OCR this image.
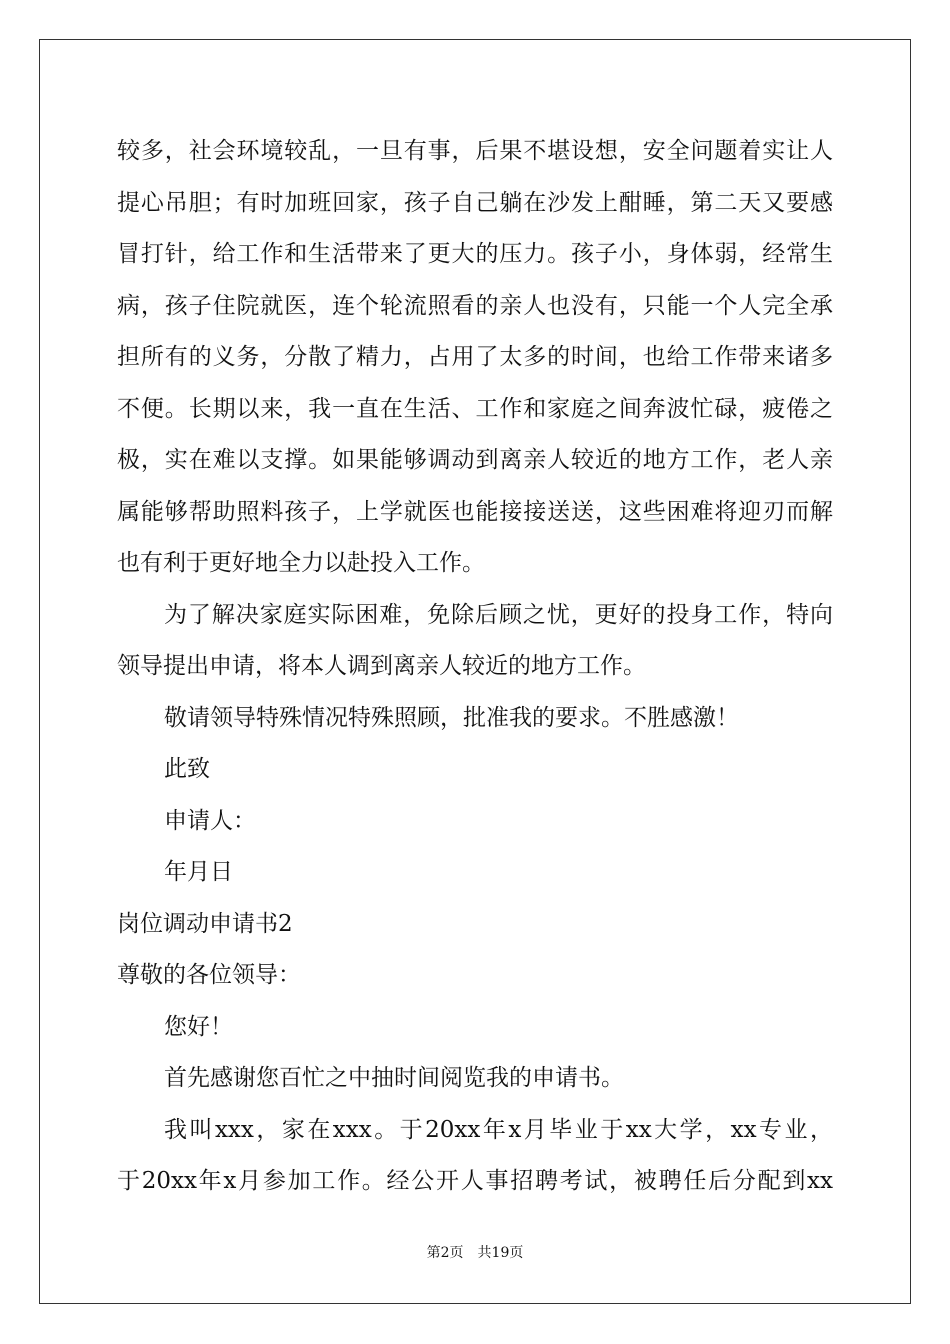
较多，社会环境较乱，一旦有事，后果不堪设想，安全问题着实让人
提心吊胆；有时加班回家，孩子自己躺在沙发上酣睡，第二天又要感
冒打针，给工作和生活带来了更大的压力。孩子小，身体弱，经常生
病，孩子住院就医，连个轮流照看的亲人也没有，只能一个人完全承
担所有的义务，分散了精力，占用了太多的时间，也给工作带来诸多
不便。长期以来，我一直在生活、工作和家庭之间奔波忙碌，疲倦之
极，实在难以支撑。如果能够调动到离亲人较近的地方工作，老人亲
属能够帮助照料孩子，上学就医也能接接送送，这些困难将迎刃而解
也有利于更好地全力以赴投入工作。
为了解决家庭实际困难，免除后顾之忧，更好的投身工作，特向
领导提出申请，将本人调到离亲人较近的地方工作。
敬请领导特殊情况特殊照顾，批准我的要求。不胜感激！
此致
申请人：
年月日
岗位调动申请书2
尊敬的各位领导：
您好！
首先感谢您百忙之中抽时间阅览我的申请书。
我叫xxx，家在xxx。于20xx年x月毕业于xx大学，xx专业，
于20xx年x月参加工作。经公开人事招聘考试，被聘任后分配到xx
第2页 共19页
